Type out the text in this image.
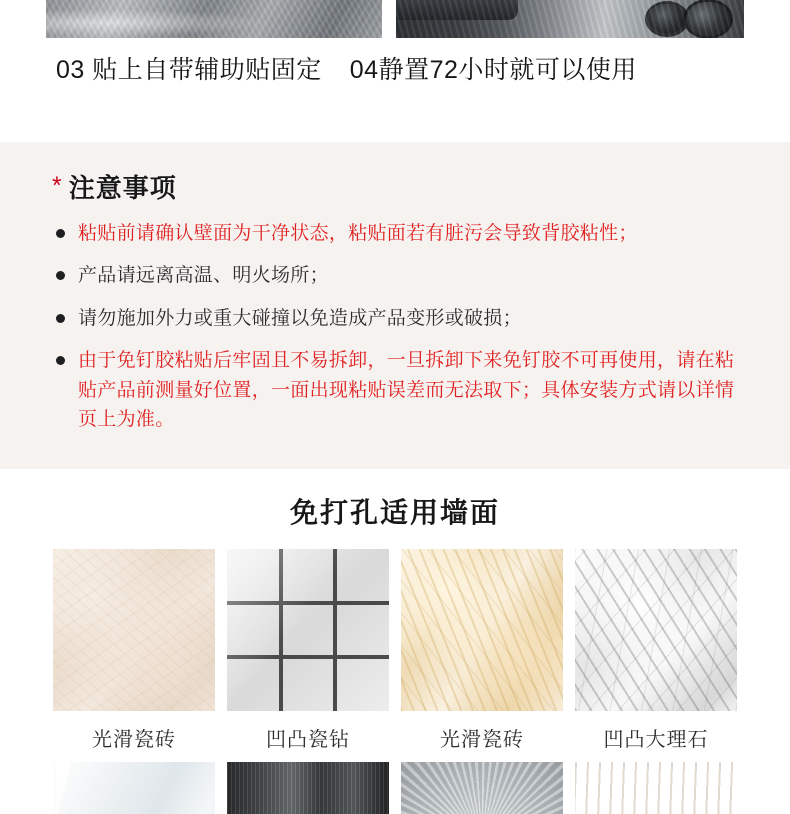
03 贴上自带辅助贴固定 04静置72小时就可以使用
* 注意事项
粘贴前请确认壁面为干净状态，粘贴面若有脏污会导致背胶粘性；
产品请远离高温、明火场所；
请勿施加外力或重大碰撞以免造成产品变形或破损；
由于免钉胶粘贴后牢固且不易拆卸，一旦拆卸下来免钉胶不可再使用，请在粘贴产品前测量好位置，一面出现粘贴误差而无法取下；具体安装方式请以详情页上为准。
免打孔适用墙面
光滑瓷砖	凹凸瓷钻	光滑瓷砖	凹凸大理石
